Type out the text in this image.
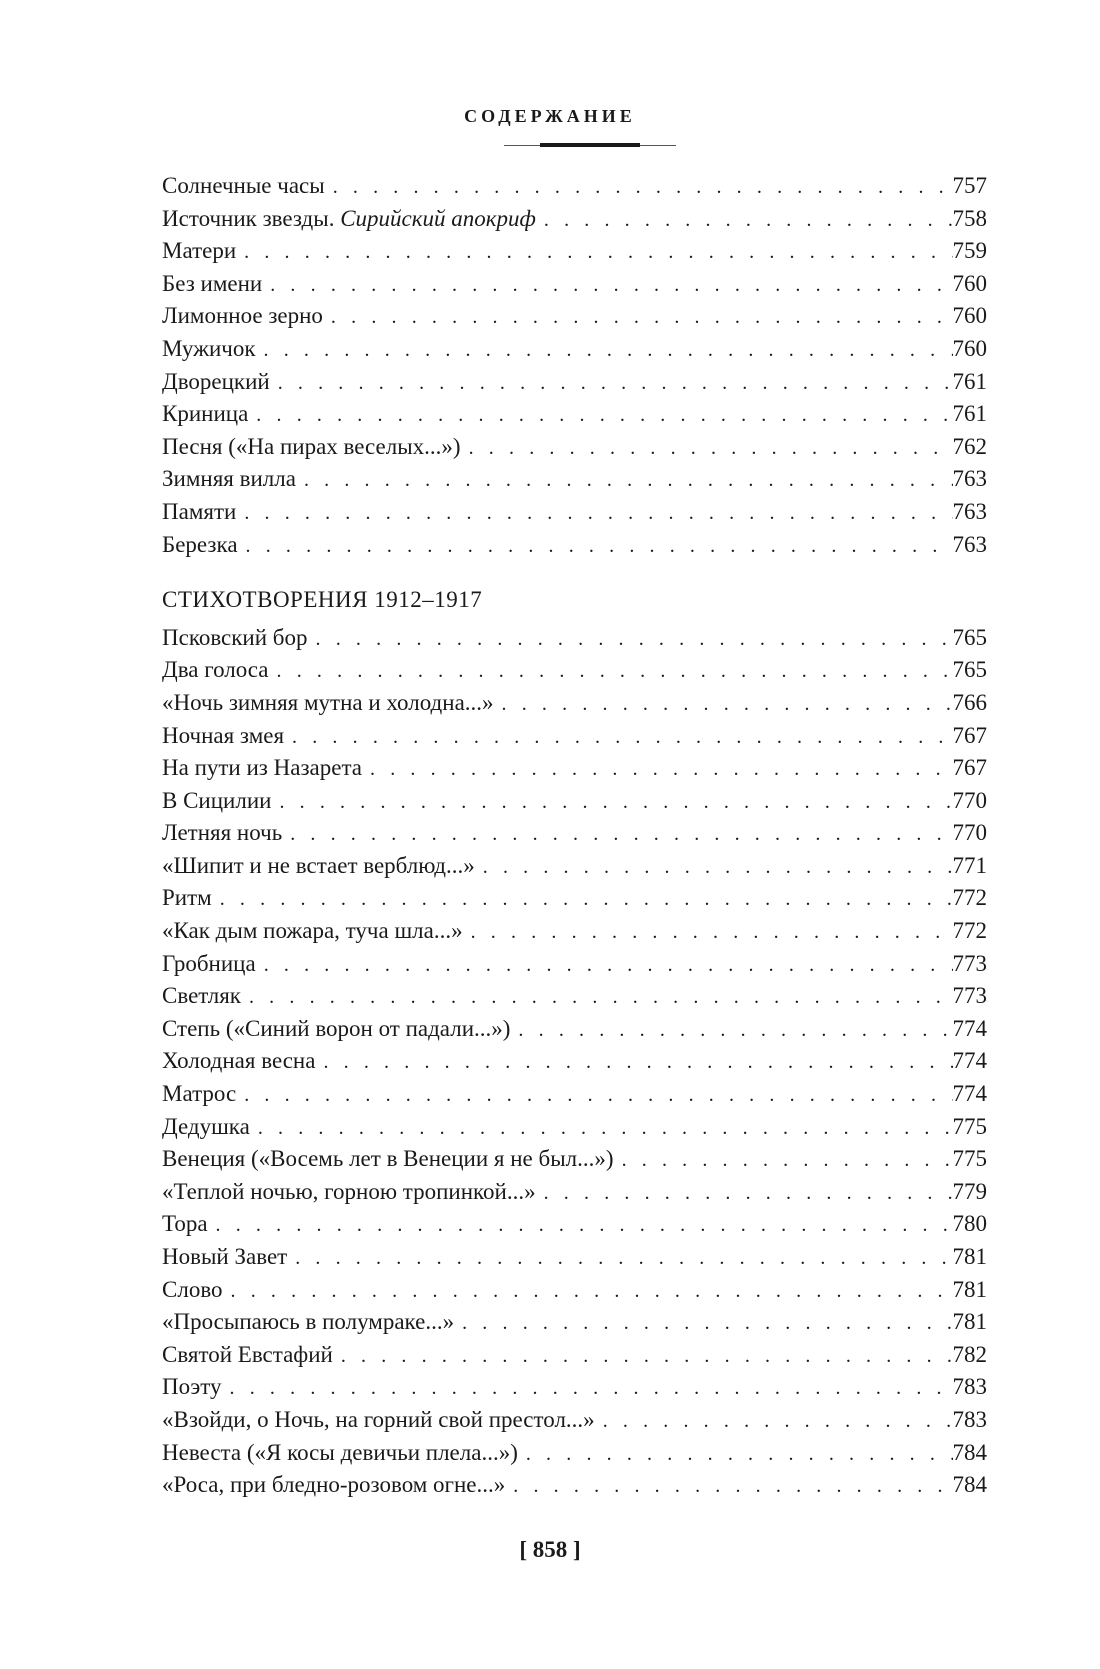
СОДЕРЖАНИЕ
Солнечные часы . . .	757
Источник звезды. Сирийский апокриф . . .	758
Матери . . .	759
Без имени . . .	760
Лимонное зерно . . .	760
Мужичок . . .	760
Дворецкий . . .	761
Криница . . .	761
Песня («На пирах веселых...») . . .	762
Зимняя вилла . . .	763
Памяти . . .	763
Березка . . .	763
СТИХОТВОРЕНИЯ 1912–1917
Псковский бор . . .	765
Два голоса . . .	765
«Ночь зимняя мутна и холодна...» . . .	766
Ночная змея . . .	767
На пути из Назарета . . .	767
В Сицилии . . .	770
Летняя ночь . . .	770
«Шипит и не встает верблюд...» . . .	771
Ритм . . .	772
«Как дым пожара, туча шла...» . . .	772
Гробница . . .	773
Светляк . . .	773
Степь («Синий ворон от падали...») . . .	774
Холодная весна . . .	774
Матрос . . .	774
Дедушка . . .	775
Венеция («Восемь лет в Венеции я не был...») . . .	775
«Теплой ночью, горною тропинкой...» . . .	779
Тора . . .	780
Новый Завет . . .	781
Слово . . .	781
«Просыпаюсь в полумраке...» . . .	781
Святой Евстафий . . .	782
Поэту . . .	783
«Взойди, о Ночь, на горний свой престол...» . . .	783
Невеста («Я косы девичьи плела...») . . .	784
«Роса, при бледно-розовом огне...» . . .	784
[ 858 ]
